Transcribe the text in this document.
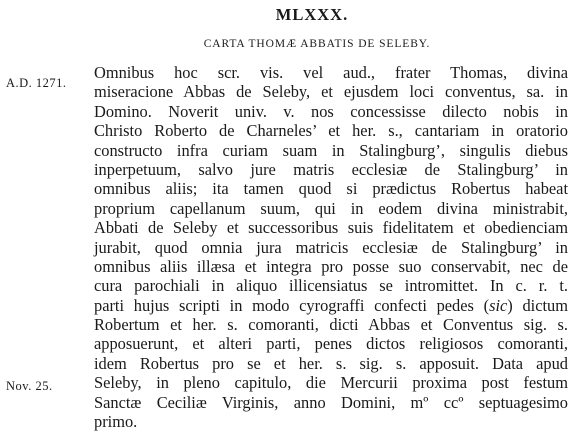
MLXXX.
CARTA THOMÆ ABBATIS DE SELEBY.
A.D. 1271.
Nov. 25.
Omnibus hoc scr. vis. vel aud., frater Thomas, divina
miseracione Abbas de Seleby, et ejusdem loci conventus, sa. in
Domino. Noverit univ. v. nos concessisse dilecto nobis in
Christo Roberto de Charneles’ et her. s., cantariam in oratorio
constructo infra curiam suam in Stalingburg’, singulis diebus
inperpetuum, salvo jure matris ecclesiæ de Stalingburg’ in
omnibus aliis; ita tamen quod si prædictus Robertus habeat
proprium capellanum suum, qui in eodem divina ministrabit,
Abbati de Seleby et successoribus suis fidelitatem et obedienciam
jurabit, quod omnia jura matricis ecclesiæ de Stalingburg’ in
omnibus aliis illæsa et integra pro posse suo conservabit, nec de
cura parochiali in aliquo illicensiatus se intromittet. In c. r. t.
parti hujus scripti in modo cyrograffi confecti pedes (sic) dictum
Robertum et her. s. comoranti, dicti Abbas et Conventus sig. s.
apposuerunt, et alteri parti, penes dictos religiosos comoranti,
idem Robertus pro se et her. s. sig. s. apposuit. Data apud
Seleby, in pleno capitulo, die Mercurii proxima post festum
Sanctæ Ceciliæ Virginis, anno Domini, mº ccº septuagesimo
primo.
